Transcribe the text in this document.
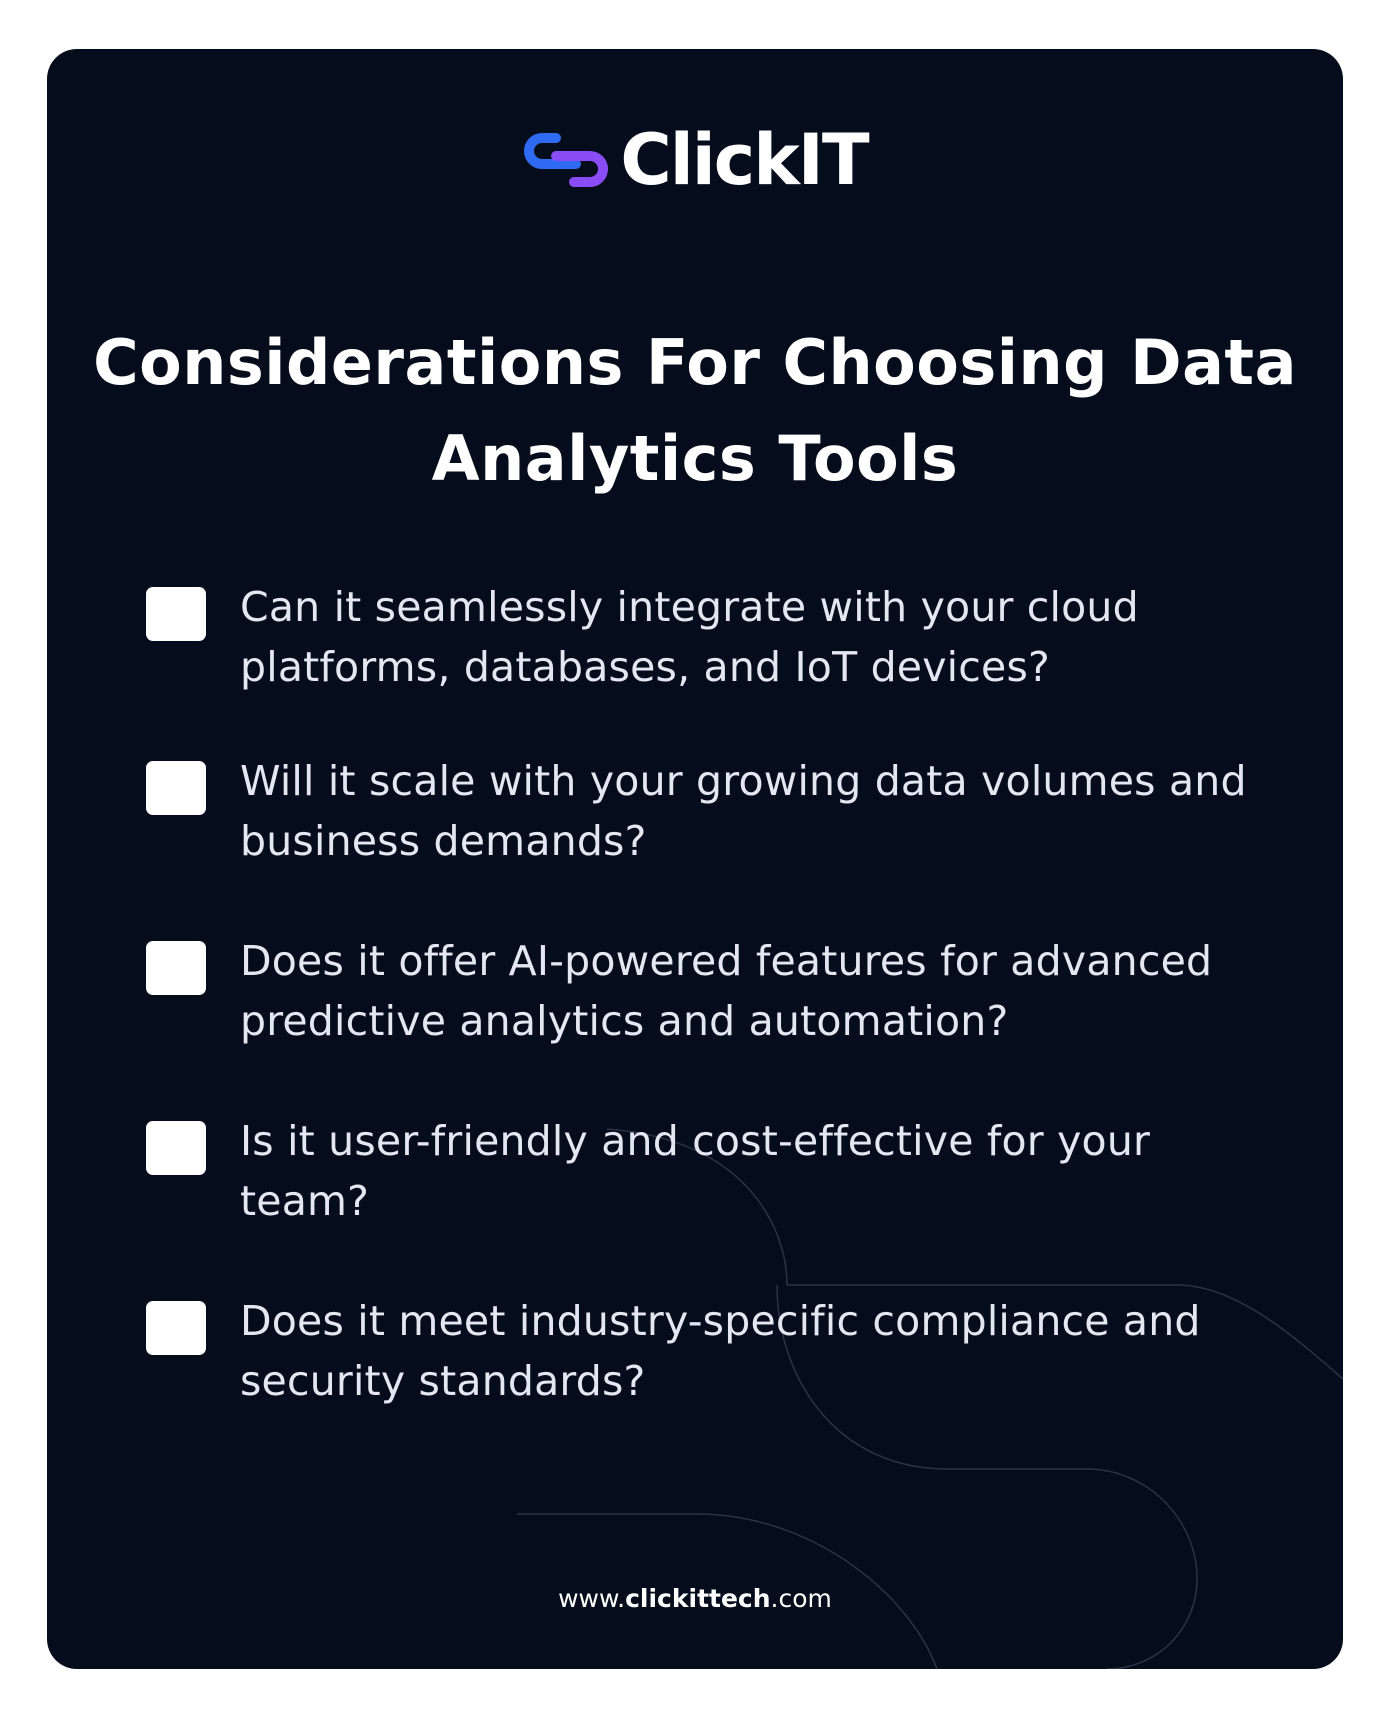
ClickIT
Considerations For Choosing Data Analytics Tools
Can it seamlessly integrate with your cloud platforms, databases, and IoT devices?
Will it scale with your growing data volumes and business demands?
Does it offer AI-powered features for advanced predictive analytics and automation?
Is it user-friendly and cost-effective for your team?
Does it meet industry-specific compliance and security standards?
www.clickittech.com
